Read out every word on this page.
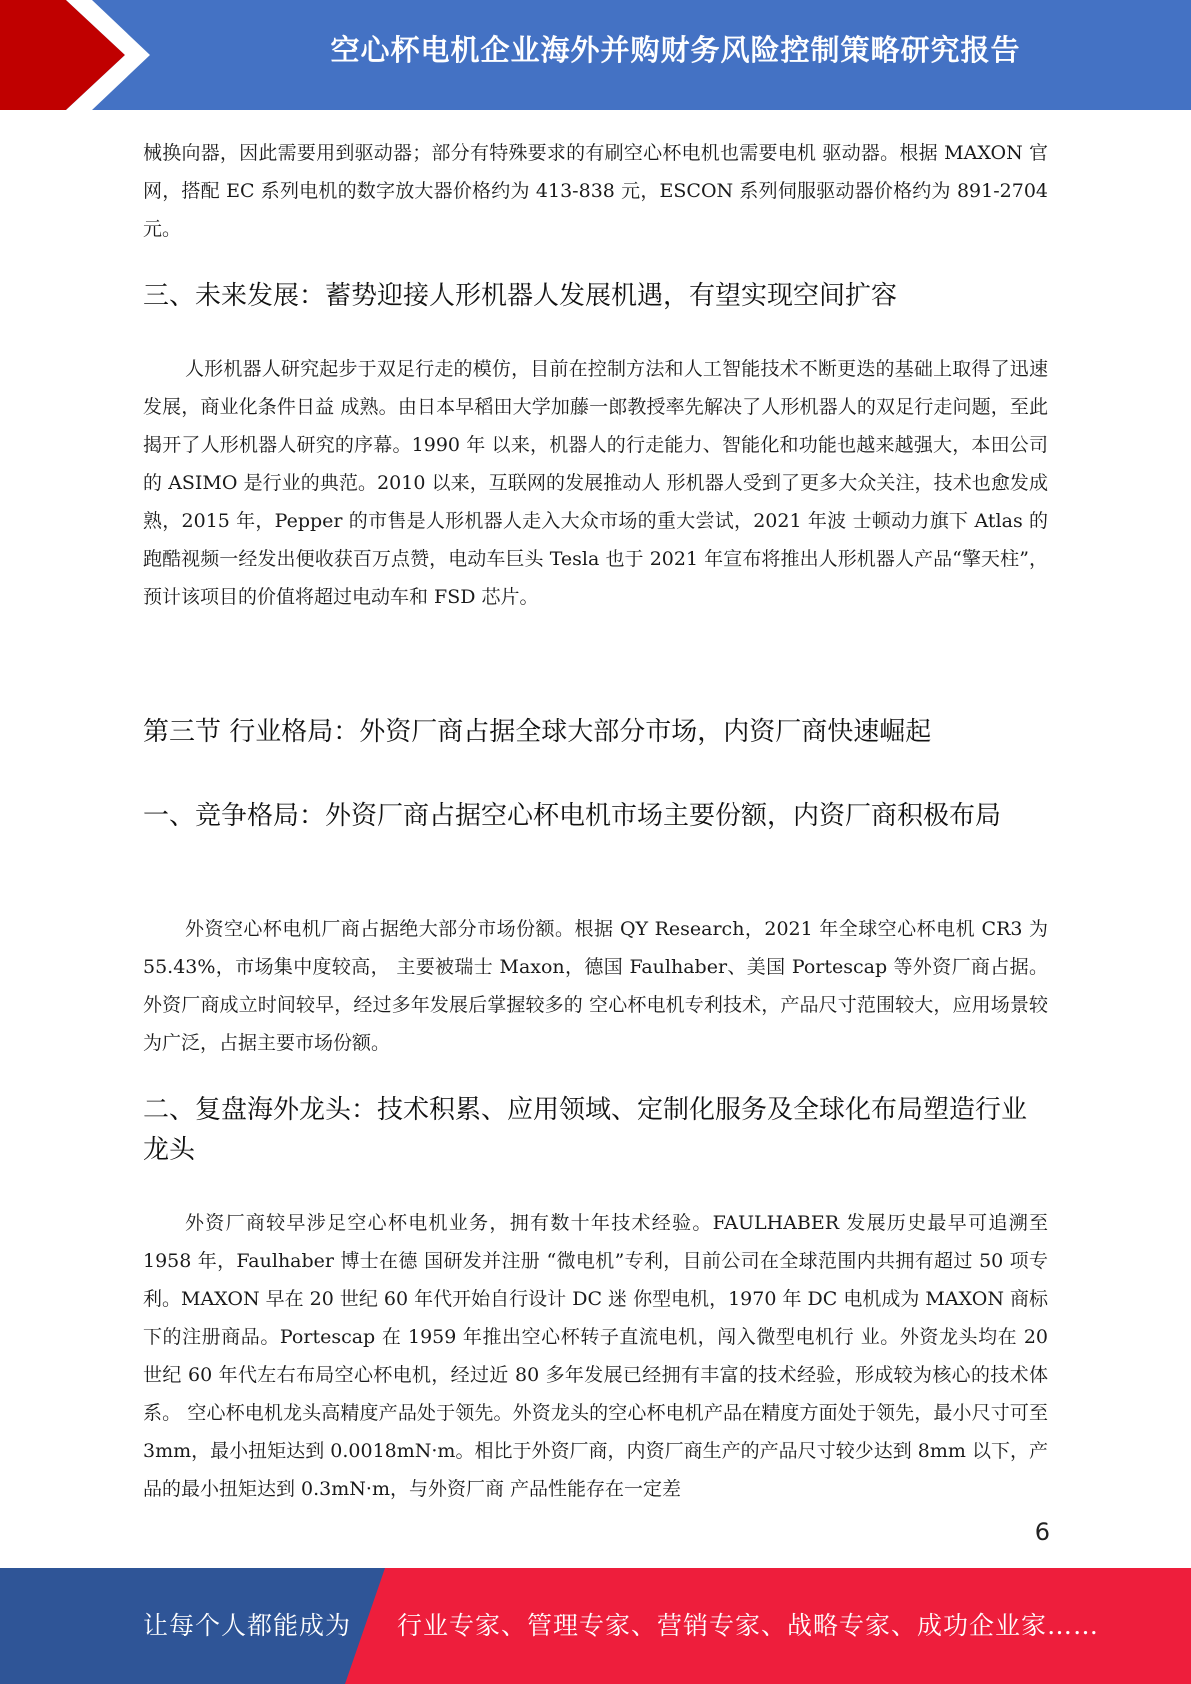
空心杯电机企业海外并购财务风险控制策略研究报告

械换向器，因此需要用到驱动器；部分有特殊要求的有刷空心杯电机也需要电机 驱动器。根据 MAXON 官网，搭配 EC 系列电机的数字放大器价格约为 413-838 元，ESCON 系列伺服驱动器价格约为 891-2704 元。

三、未来发展：蓄势迎接人形机器人发展机遇，有望实现空间扩容

人形机器人研究起步于双足行走的模仿，目前在控制方法和人工智能技术不断更迭的基础上取得了迅速发展，商业化条件日益 成熟。由日本早稻田大学加藤一郎教授率先解决了人形机器人的双足行走问题，至此揭开了人形机器人研究的序幕。1990 年 以来，机器人的行走能力、智能化和功能也越来越强大，本田公司的 ASIMO 是行业的典范。2010 以来，互联网的发展推动人 形机器人受到了更多大众关注，技术也愈发成熟，2015 年，Pepper 的市售是人形机器人走入大众市场的重大尝试，2021 年波 士顿动力旗下 Atlas 的跑酷视频一经发出便收获百万点赞，电动车巨头 Tesla 也于 2021 年宣布将推出人形机器人产品“擎天柱”， 预计该项目的价值将超过电动车和 FSD 芯片。

第三节 行业格局：外资厂商占据全球大部分市场，内资厂商快速崛起
一、竞争格局：外资厂商占据空心杯电机市场主要份额，内资厂商积极布局

外资空心杯电机厂商占据绝大部分市场份额。根据 QY Research，2021 年全球空心杯电机 CR3 为 55.43%，市场集中度较高， 主要被瑞士 Maxon，德国 Faulhaber、美国 Portescap 等外资厂商占据。外资厂商成立时间较早，经过多年发展后掌握较多的 空心杯电机专利技术，产品尺寸范围较大，应用场景较为广泛，占据主要市场份额。

二、复盘海外龙头：技术积累、应用领域、定制化服务及全球化布局塑造行业龙头

外资厂商较早涉足空心杯电机业务，拥有数十年技术经验。FAULHABER 发展历史最早可追溯至 1958 年，Faulhaber 博士在德 国研发并注册 “微电机”专利，目前公司在全球范围内共拥有超过 50 项专利。MAXON 早在 20 世纪 60 年代开始自行设计 DC 迷 你型电机，1970 年 DC 电机成为 MAXON 商标下的注册商品。Portescap 在 1959 年推出空心杯转子直流电机，闯入微型电机行 业。外资龙头均在 20 世纪 60 年代左右布局空心杯电机，经过近 80 多年发展已经拥有丰富的技术经验，形成较为核心的技术体 系。 空心杯电机龙头高精度产品处于领先。外资龙头的空心杯电机产品在精度方面处于领先，最小尺寸可至 3mm，最小扭矩达到 0.0018mN·m。相比于外资厂商，内资厂商生产的产品尺寸较少达到 8mm 以下，产品的最小扭矩达到 0.3mN·m，与外资厂商 产品性能存在一定差

6
让每个人都能成为 行业专家、管理专家、营销专家、战略专家、成功企业家……
